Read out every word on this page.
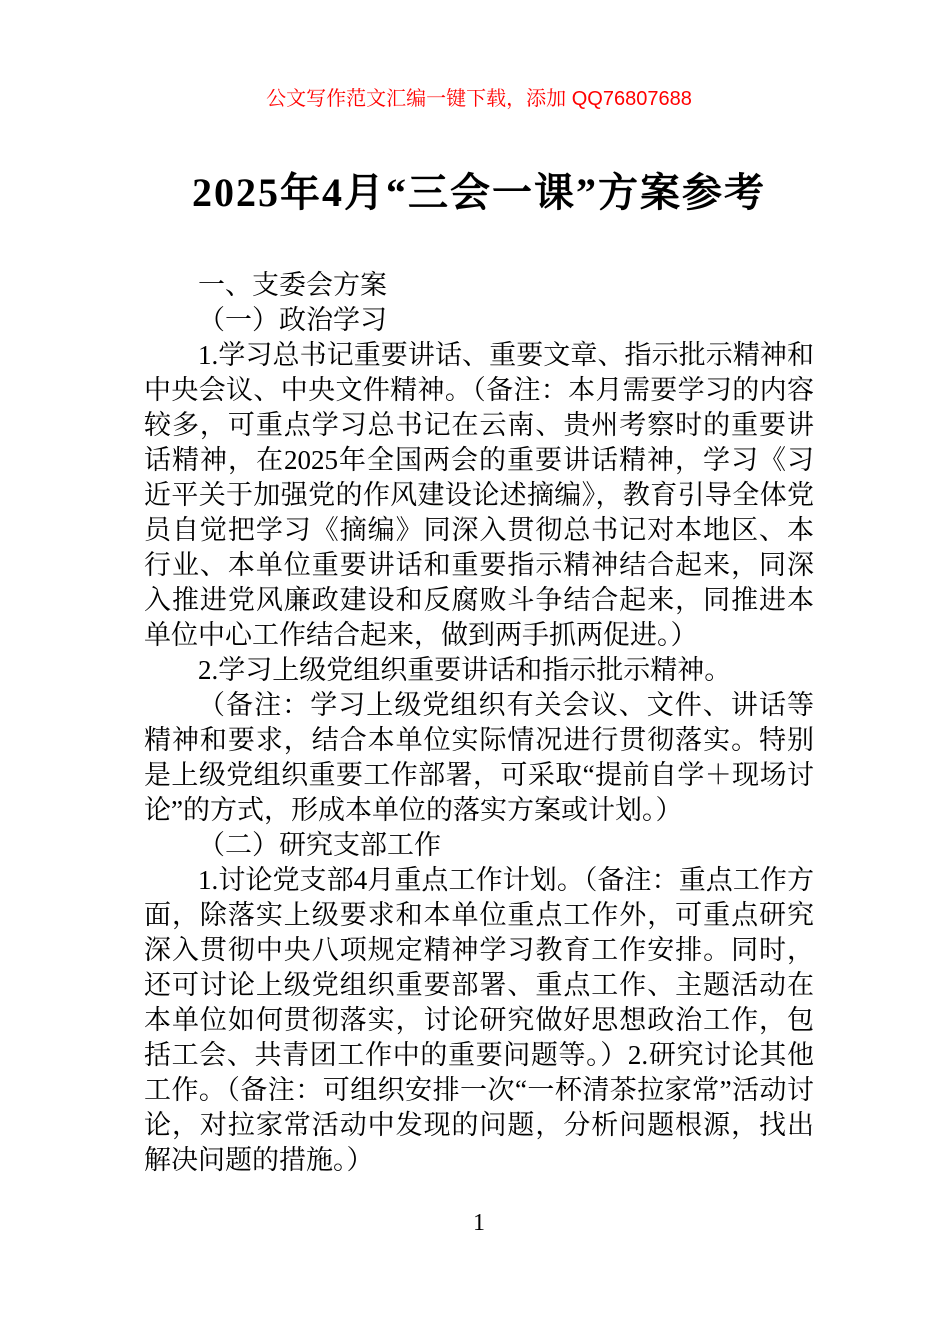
公文写作范文汇编一键下载，添加 QQ76807688
2025年4月“三会一课”方案参考

一、支委会方案

（一）政治学习

1.学习总书记重要讲话、重要文章、指示批示精神和中央会议、中央文件精神。（备注：本月需要学习的内容较多，可重点学习总书记在云南、贵州考察时的重要讲话精神，在2025年全国两会的重要讲话精神，学习《习近平关于加强党的作风建设论述摘编》，教育引导全体党员自觉把学习《摘编》同深入贯彻总书记对本地区、本行业、本单位重要讲话和重要指示精神结合起来，同深入推进党风廉政建设和反腐败斗争结合起来，同推进本单位中心工作结合起来，做到两手抓两促进。）

2.学习上级党组织重要讲话和指示批示精神。

（备注：学习上级党组织有关会议、文件、讲话等精神和要求，结合本单位实际情况进行贯彻落实。特别是上级党组织重要工作部署，可采取“提前自学＋现场讨论”的方式，形成本单位的落实方案或计划。）

（二）研究支部工作

1.讨论党支部4月重点工作计划。（备注：重点工作方面，除落实上级要求和本单位重点工作外，可重点研究深入贯彻中央八项规定精神学习教育工作安排。同时，还可讨论上级党组织重要部署、重点工作、主题活动在本单位如何贯彻落实，讨论研究做好思想政治工作，包括工会、共青团工作中的重要问题等。）2.研究讨论其他工作。（备注：可组织安排一次“一杯清茶拉家常”活动讨论，对拉家常活动中发现的问题，分析问题根源，找出解决问题的措施。）

1
